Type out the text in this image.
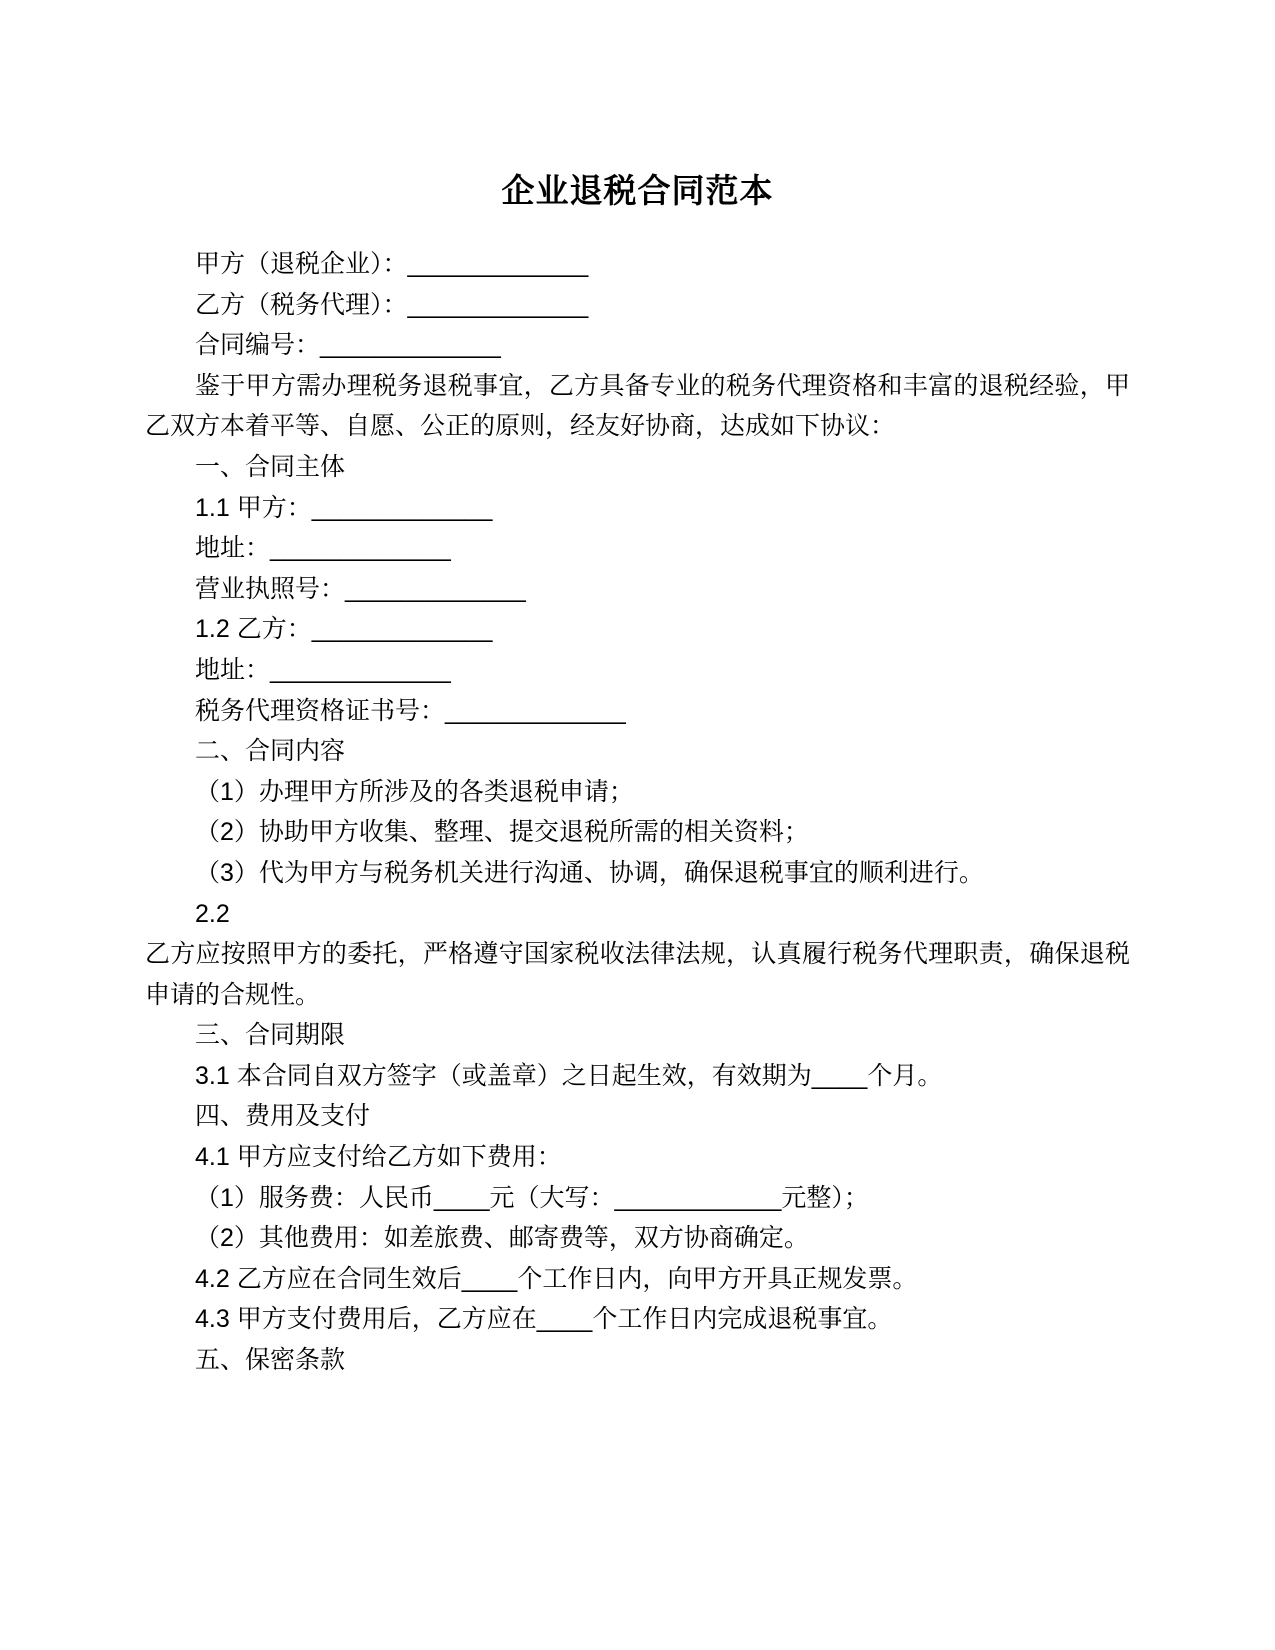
企业退税合同范本

甲方（退税企业）：_____________

乙方（税务代理）：_____________

合同编号：_____________

鉴于甲方需办理税务退税事宜，乙方具备专业的税务代理资格和丰富的退税经验，甲乙双方本着平等、自愿、公正的原则，经友好协商，达成如下协议：

一、合同主体

1.1 甲方：_____________

地址：_____________

营业执照号：_____________

1.2 乙方：_____________

地址：_____________

税务代理资格证书号：_____________

二、合同内容

（1）办理甲方所涉及的各类退税申请；

（2）协助甲方收集、整理、提交退税所需的相关资料；

（3）代为甲方与税务机关进行沟通、协调，确保退税事宜的顺利进行。

2.2

乙方应按照甲方的委托，严格遵守国家税收法律法规，认真履行税务代理职责，确保退税申请的合规性。

三、合同期限

3.1 本合同自双方签字（或盖章）之日起生效，有效期为____个月。

四、费用及支付

4.1 甲方应支付给乙方如下费用：

（1）服务费：人民币____元（大写：____________元整）；

（2）其他费用：如差旅费、邮寄费等，双方协商确定。

4.2 乙方应在合同生效后____个工作日内，向甲方开具正规发票。

4.3 甲方支付费用后，乙方应在____个工作日内完成退税事宜。

五、保密条款
